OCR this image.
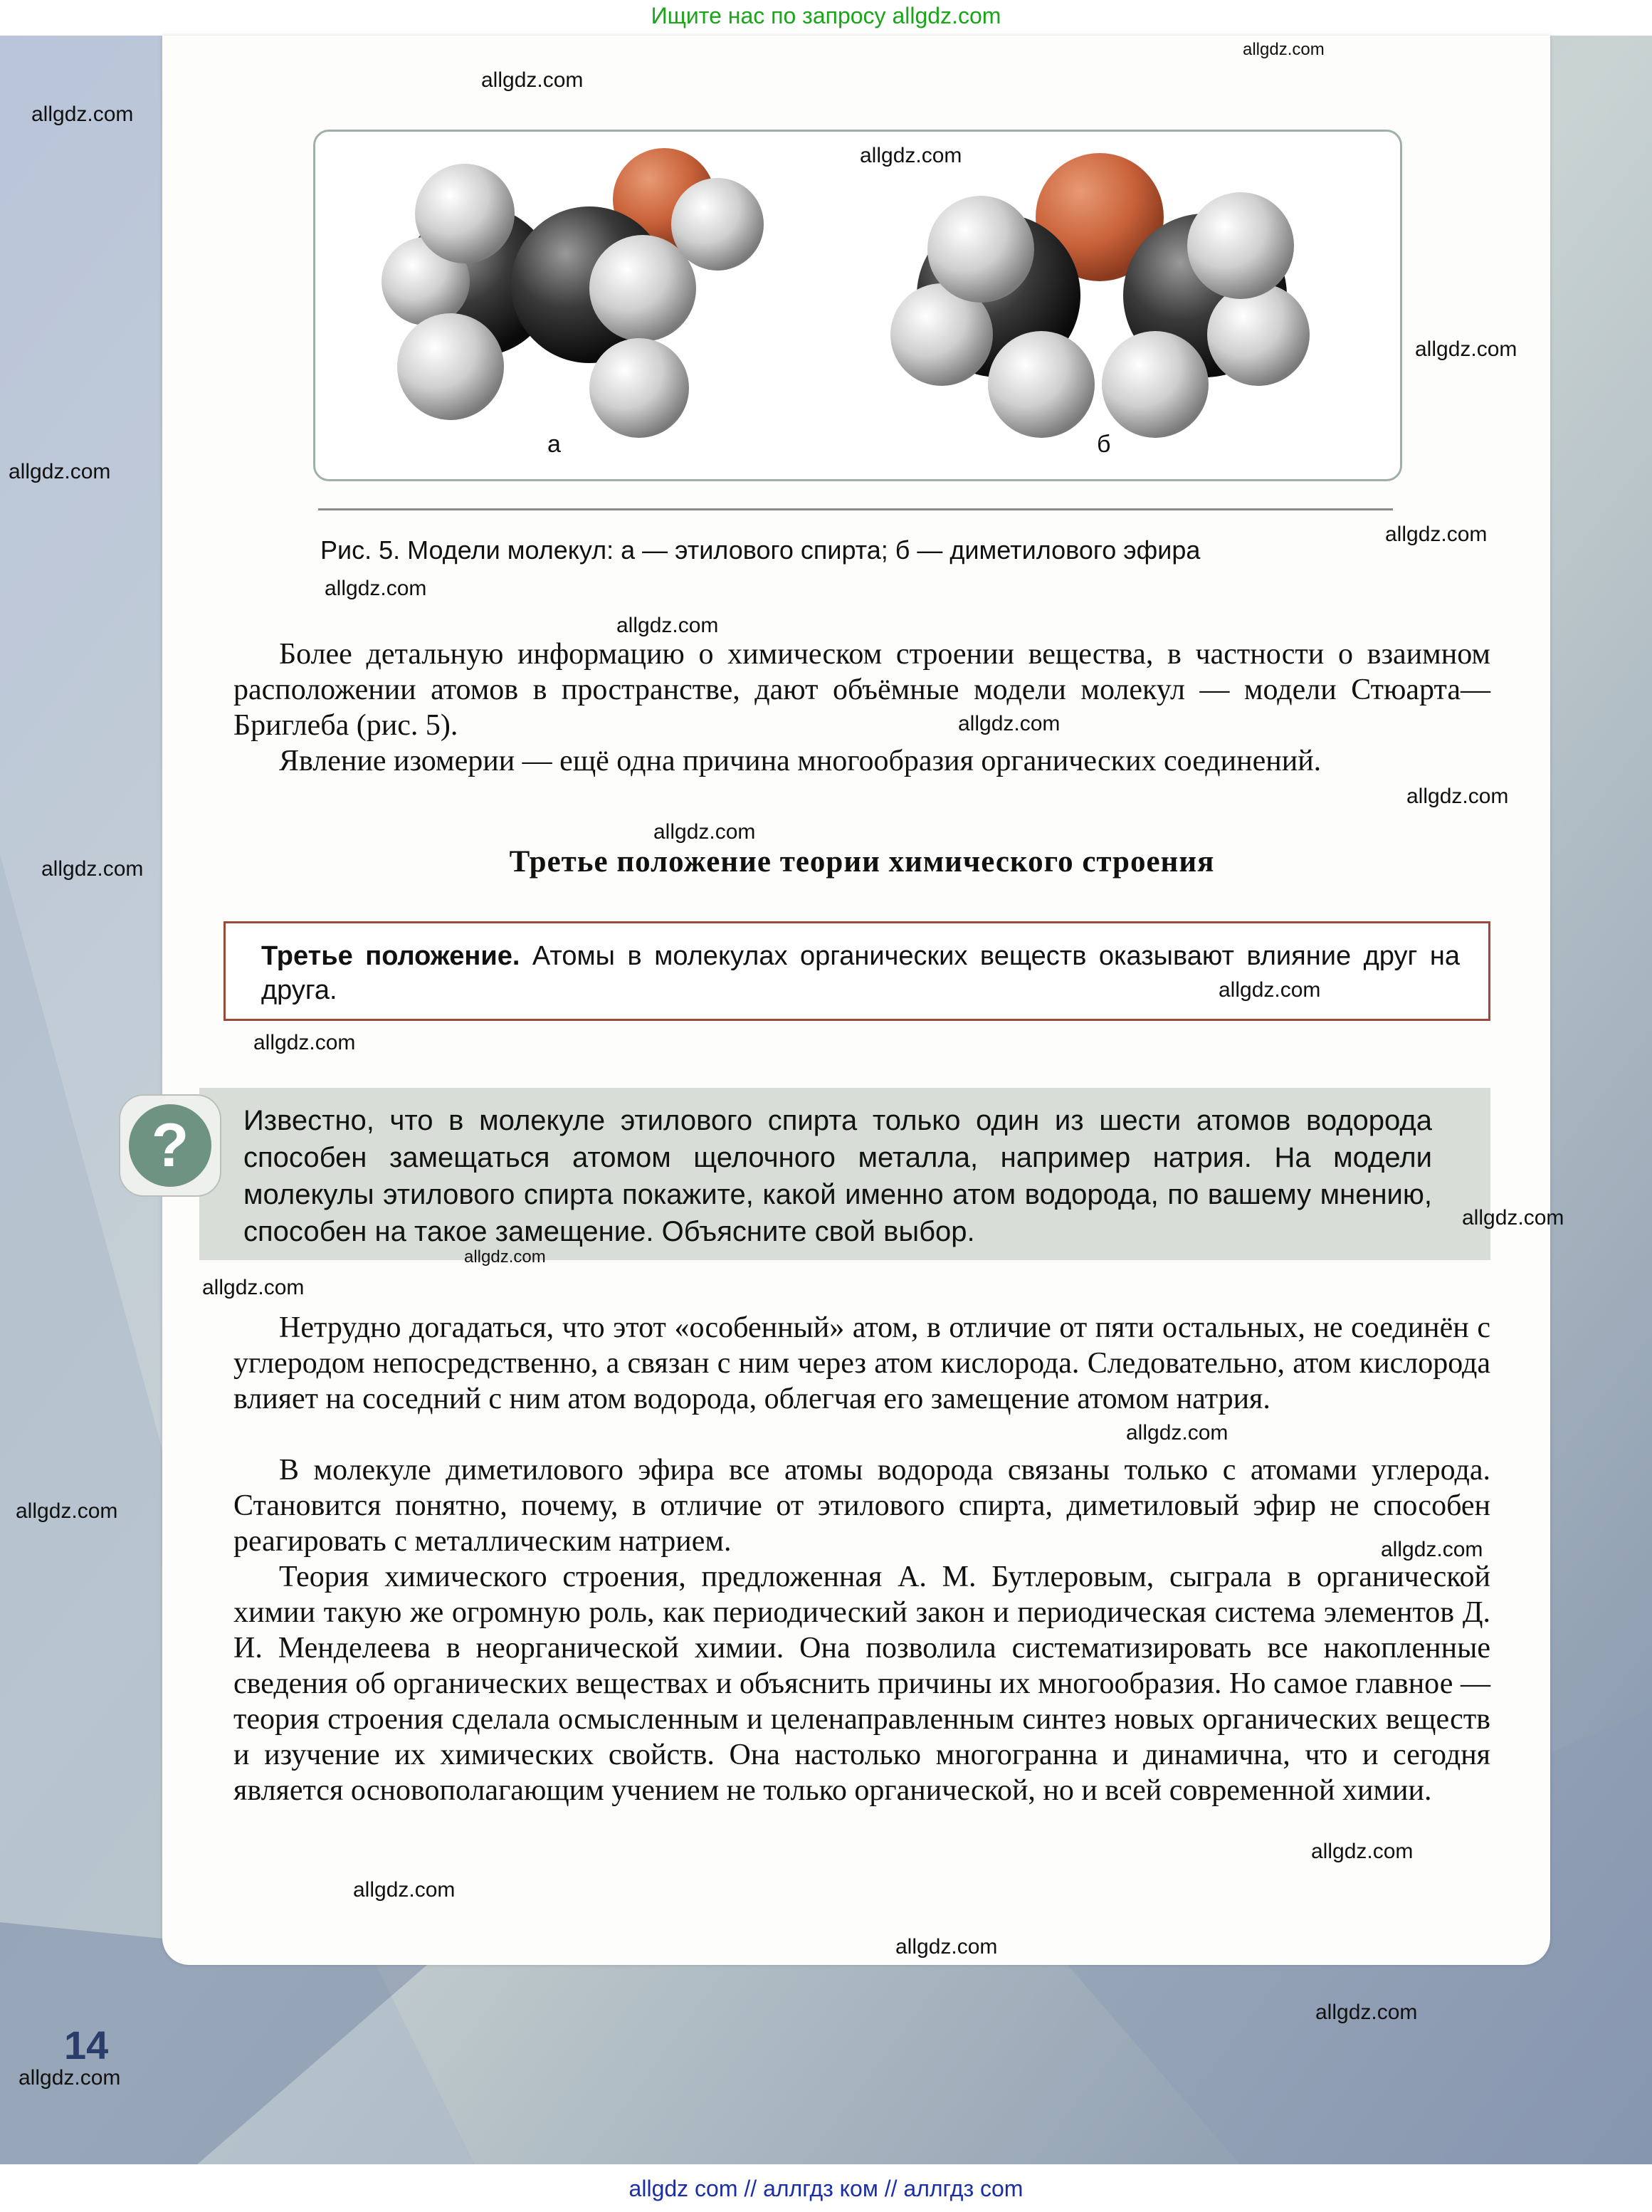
Ищите нас по запросу allgdz.com
а	б
Рис. 5. Модели молекул: а — этилового спирта; б — диметилового эфира
Более детальную информацию о химическом строении вещества, в частности о взаимном расположении атомов в пространстве, дают объёмные модели молекул — модели Стюарта—Бриглеба (рис. 5).
Явление изомерии — ещё одна причина многообразия органических соединений.
Третье положение теории химического строения
Третье положение. Атомы в молекулах органических веществ оказывают влияние друг на друга.
? Известно, что в молекуле этилового спирта только один из шести атомов водорода способен замещаться атомом щелочного металла, например натрия. На модели молекулы этилового спирта покажите, какой именно атом водорода, по вашему мнению, способен на такое замещение. Объясните свой выбор.
Нетрудно догадаться, что этот «особенный» атом, в отличие от пяти остальных, не соединён с углеродом непосредственно, а связан с ним через атом кислорода. Следовательно, атом кислорода влияет на соседний с ним атом водорода, облегчая его замещение атомом натрия.
В молекуле диметилового эфира все атомы водорода связаны только с атомами углерода. Становится понятно, почему, в отличие от этилового спирта, диметиловый эфир не способен реагировать с металлическим натрием.
Теория химического строения, предложенная А. М. Бутлеровым, сыграла в органической химии такую же огромную роль, как периодический закон и периодическая система элементов Д. И. Менделеева в неорганической химии. Она позволила систематизировать все накопленные сведения об органических веществах и объяснить причины их многообразия. Но самое главное — теория строения сделала осмысленным и целенаправленным синтез новых органических веществ и изучение их химических свойств. Она настолько многогранна и динамична, что и сегодня является основополагающим учением не только органической, но и всей современной химии.
14
allgdz.com
allgdz.com
allgdz.com
allgdz.com
allgdz.com
allgdz.com
allgdz.com
allgdz.com
allgdz.com
allgdz.com
allgdz.com
allgdz.com
allgdz.com
allgdz.com
allgdz.com
allgdz.com
allgdz.com
allgdz.com
allgdz.com
allgdz.com
allgdz.com
allgdz.com
allgdz.com
allgdz.com
allgdz.com
allgdz.com
allgdz com // аллгдз ком // аллгдз com
